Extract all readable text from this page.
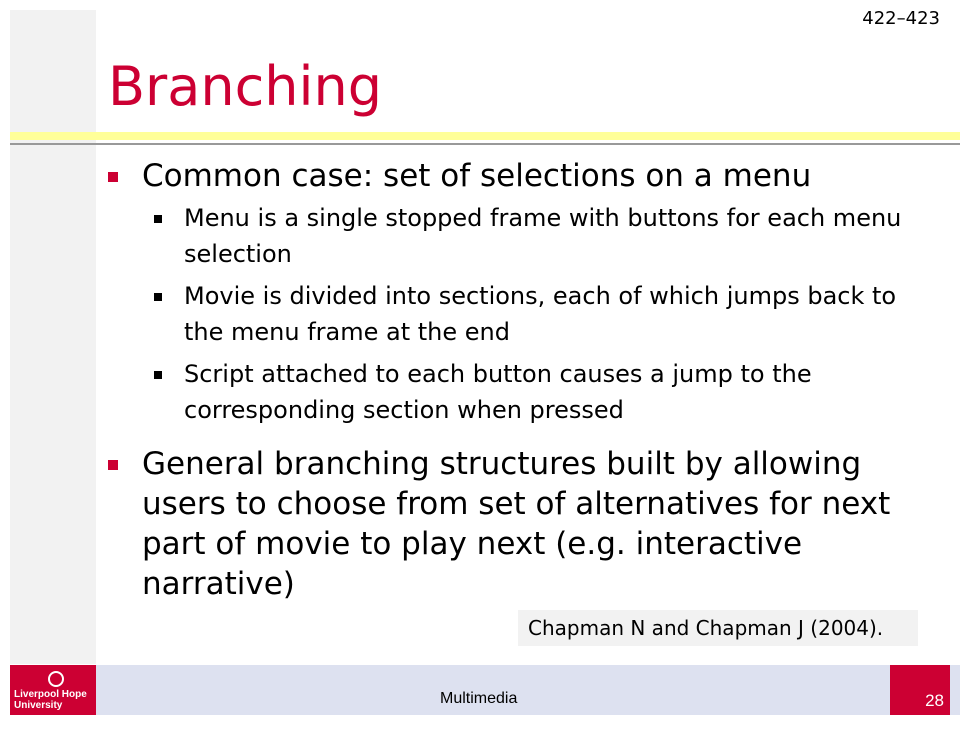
422–423
Branching
Common case: set of selections on a menu
Menu is a single stopped frame with buttons for each menu selection
Movie is divided into sections, each of which jumps back to the menu frame at the end
Script attached to each button causes a jump to the corresponding section when pressed
General branching structures built by allowing users to choose from set of alternatives for next part of movie to play next (e.g. interactive narrative)
Chapman N and Chapman J (2004).
Liverpool Hope
University	Multimedia	28
